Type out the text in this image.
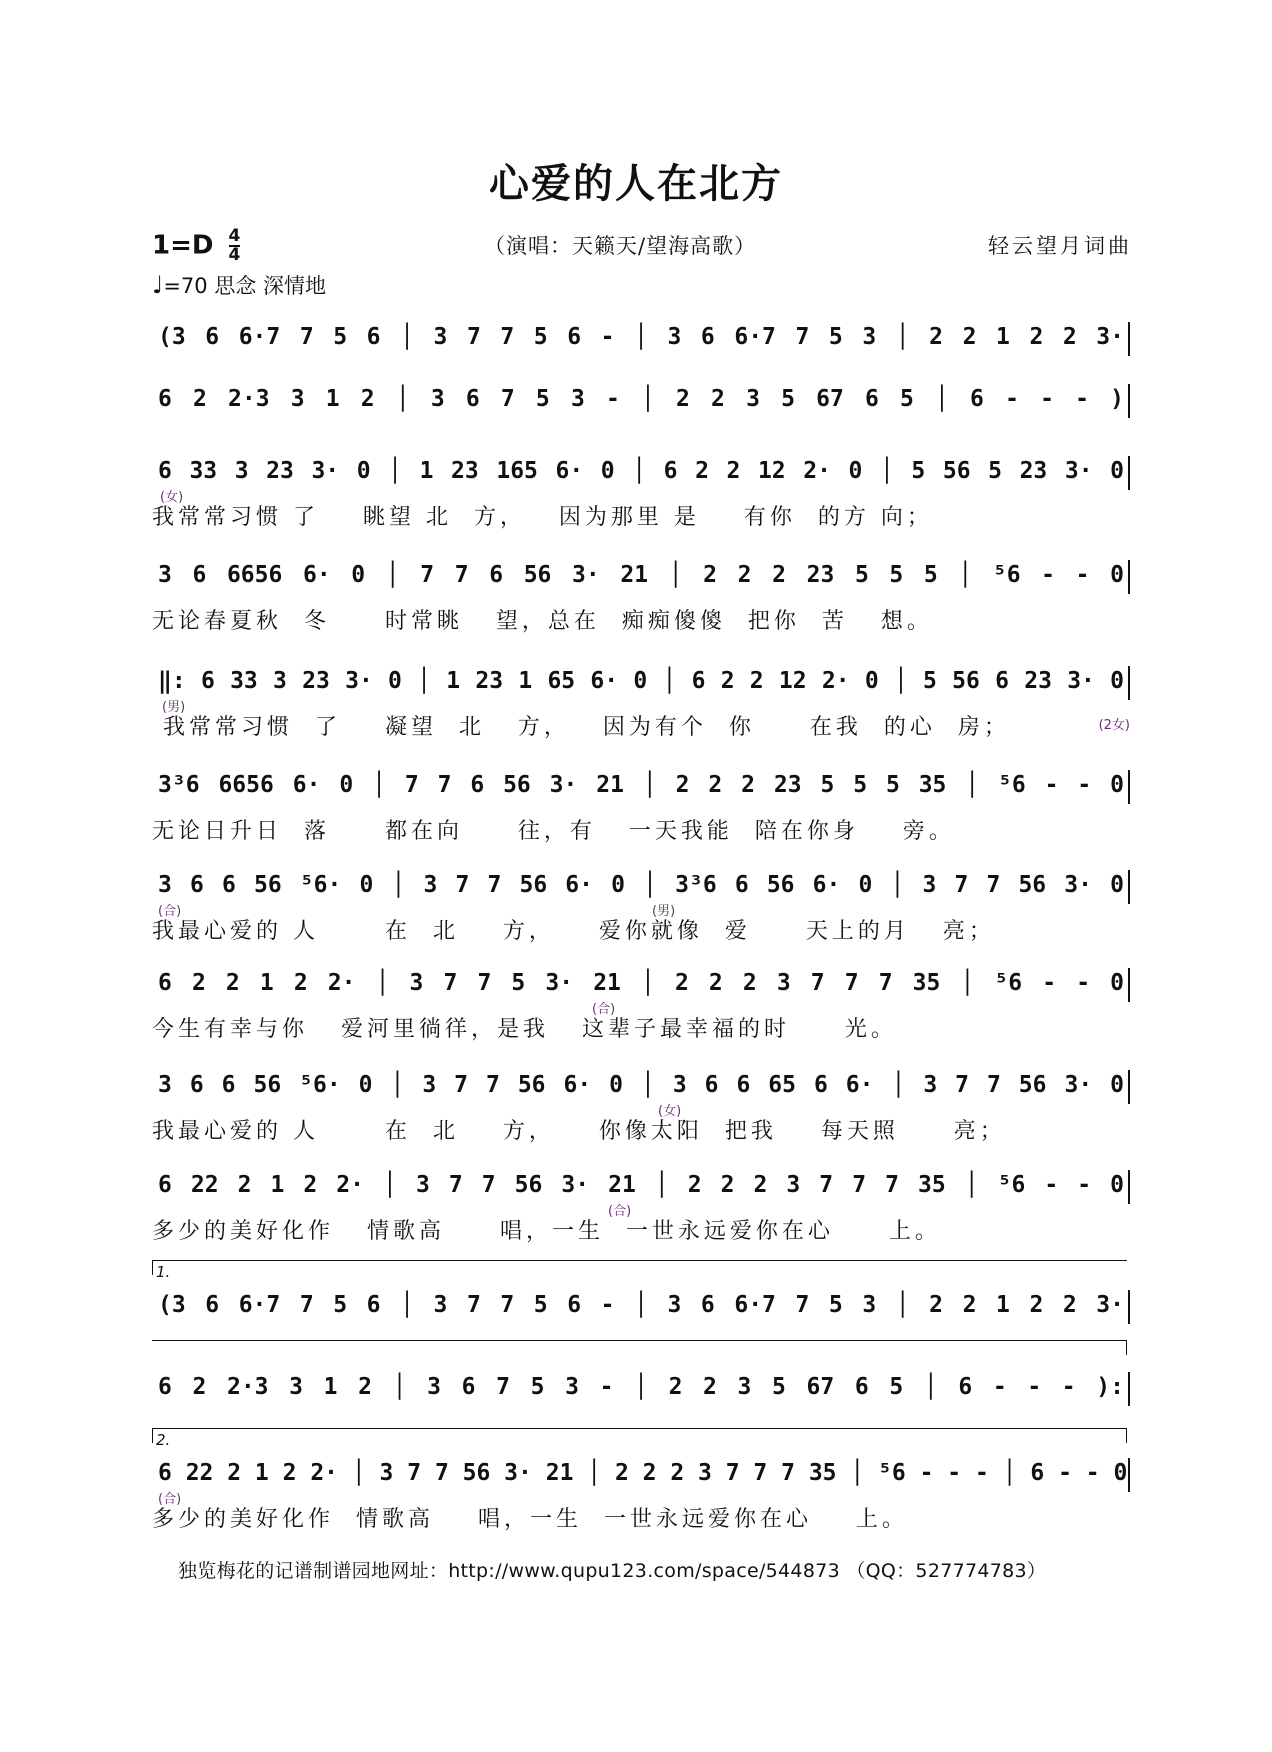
心爱的人在北方
$1=D \frac{4}{4}$	（演唱：天籁天/望海高歌）	轻云望月词曲
♩=70 思念 深情地
(3 6 6·7 7 5 6 │ 3 7 7 5 6 - │ 3 6 6·7 7 5 3 │ 2 2 1 2 2 3·
6 2 2·3 3 1 2 │ 3 6 7 5 3 - │ 2 2 3 5 67 6 5 │ 6 - - - )
6 33 3 23 3· 0 │ 1 23 165 6· 0 │ 6 2 2 12 2· 0 │ 5 56 5 23 3· 0
(女)
我常常习惯 了    眺望 北  方，   因为那里 是    有你  的方 向；
3 6 6656 6· 0 │ 7 7 6 56 3· 21 │ 2 2 2 23 5 5 5 │ ⁵6 - - 0
无论春夏秋  冬     时常眺   望，总在  痴痴傻傻  把你  苦   想。
‖: 6 33 3 23 3· 0 │ 1 23 1 65 6· 0 │ 6 2 2 12 2· 0 │ 5 56 6 23 3· 0
(男)
我常常习惯  了    凝望  北   方，   因为有个  你     在我  的心  房；	(2女)
3³6 6656 6· 0 │ 7 7 6 56 3· 21 │ 2 2 2 23 5 5 5 35 │ ⁵6 - - 0
无论日升日  落     都在向     往，有   一天我能  陪在你身    旁。
3 6 6 56 ⁵6· 0 │ 3 7 7 56 6· 0 │ 3³6 6 56 6· 0 │ 3 7 7 56 3· 0
(合)	(男)
我最心爱的 人      在  北    方，    爱你就像  爱     天上的月   亮；
6 2 2 1 2 2· │ 3 7 7 5 3· 21 │ 2 2 2 3 7 7 7 35 │ ⁵6 - - 0
(合)
今生有幸与你   爱河里徜徉，是我   这辈子最幸福的时     光。
3 6 6 56 ⁵6· 0 │ 3 7 7 56 6· 0 │ 3 6 6 65 6 6· │ 3 7 7 56 3· 0
(女)
我最心爱的 人      在  北    方，    你像太阳  把我    每天照     亮；
6 22 2 1 2 2· │ 3 7 7 56 3· 21 │ 2 2 2 3 7 7 7 35 │ ⁵6 - - 0
(合)
多少的美好化作   情歌高     唱，一生  一世永远爱你在心     上。
1.
(3 6 6·7 7 5 6 │ 3 7 7 5 6 - │ 3 6 6·7 7 5 3 │ 2 2 1 2 2 3·
6 2 2·3 3 1 2 │ 3 6 7 5 3 - │ 2 2 3 5 67 6 5 │ 6 - - - ):
2.
6 22 2 1 2 2· │ 3 7 7 56 3· 21 │ 2 2 2 3 7 7 7 35 │ ⁵6 - - - │ 6 - - 0
(合)
多少的美好化作  情歌高    唱，一生  一世永远爱你在心    上。
独览梅花的记谱制谱园地网址：http://www.qupu123.com/space/544873 （QQ：527774783）
